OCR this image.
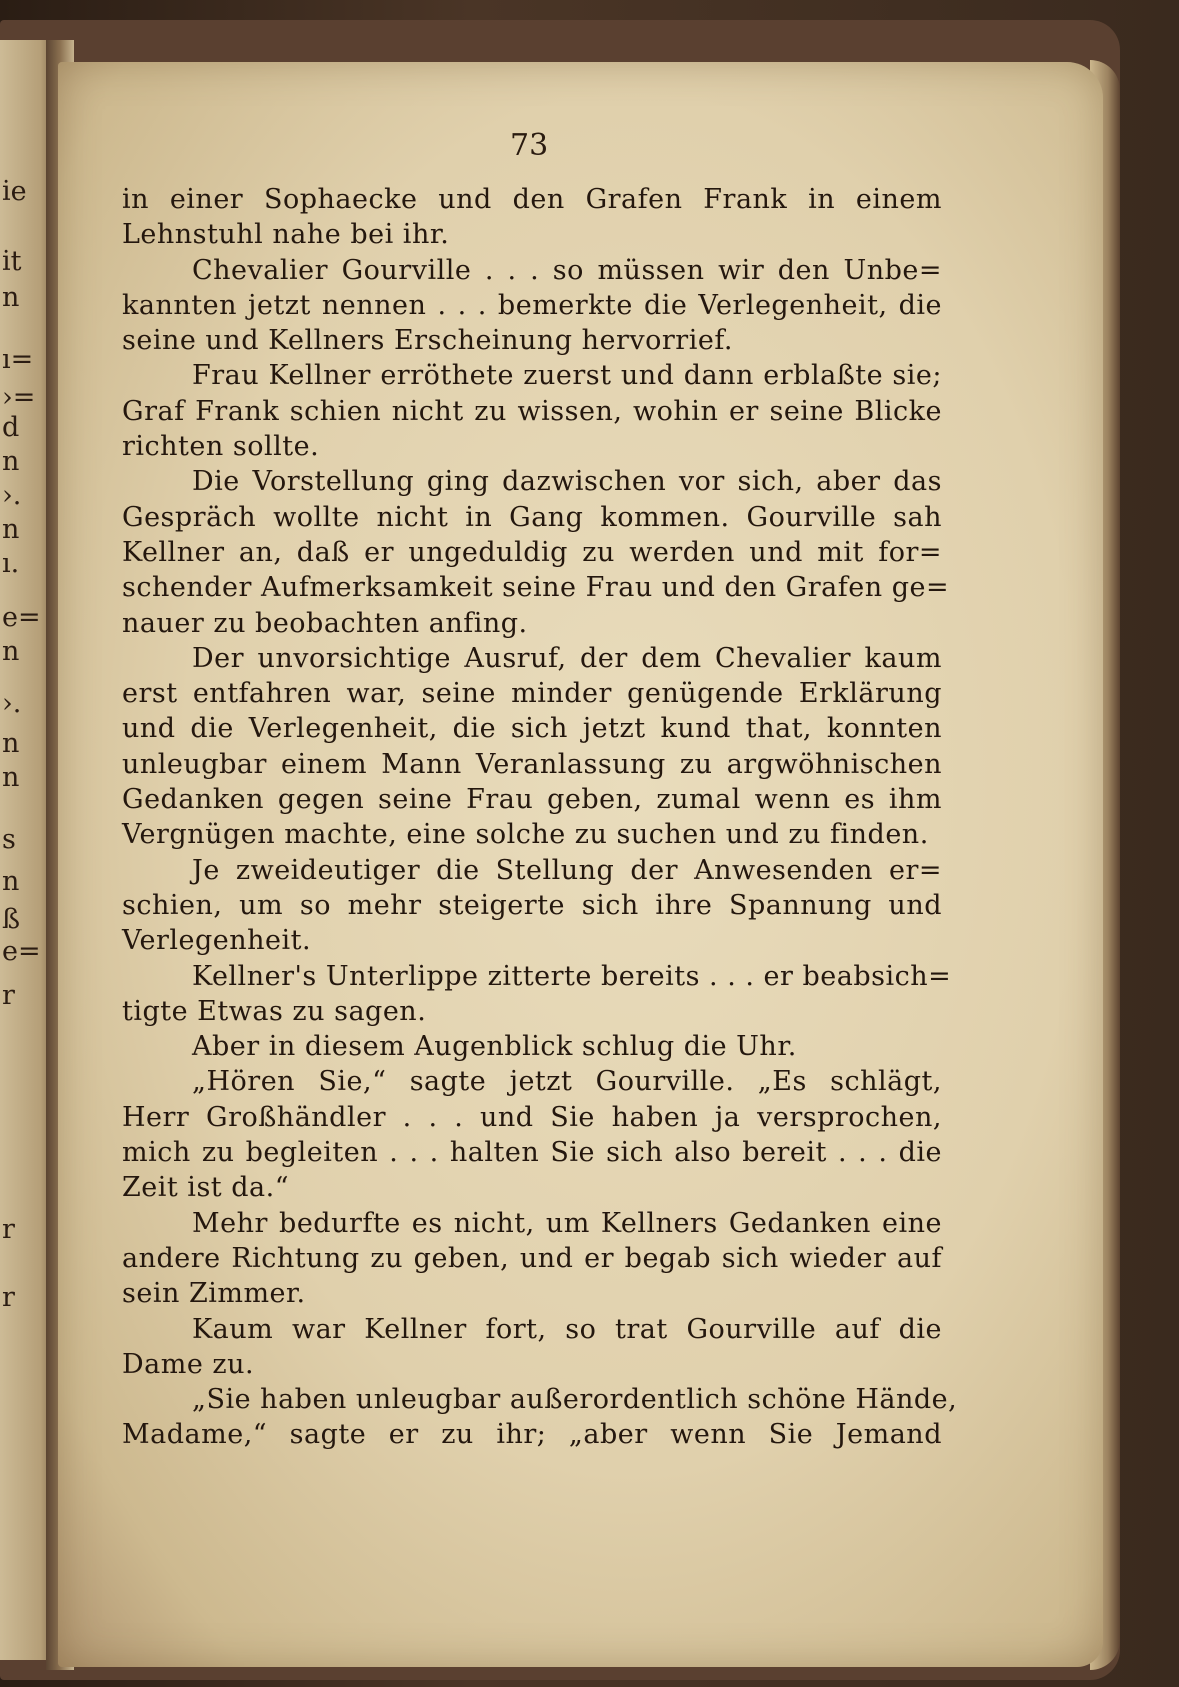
ie
it
n
ı=
›=
d
n
›.
n
ı.
e=
n
›.
n
n
s
n
ß
e=
r
r
r
73
in einer Sophaecke und den Grafen Frank in einem
Lehnstuhl nahe bei ihr.
Chevalier Gourville . . . so müssen wir den Unbe=
kannten jetzt nennen . . . bemerkte die Verlegenheit, die
seine und Kellners Erscheinung hervorrief.
Frau Kellner erröthete zuerst und dann erblaßte sie;
Graf Frank schien nicht zu wissen, wohin er seine Blicke
richten sollte.
Die Vorstellung ging dazwischen vor sich, aber das
Gespräch wollte nicht in Gang kommen. Gourville sah
Kellner an, daß er ungeduldig zu werden und mit for=
schender Aufmerksamkeit seine Frau und den Grafen ge=
nauer zu beobachten anfing.
Der unvorsichtige Ausruf, der dem Chevalier kaum
erst entfahren war, seine minder genügende Erklärung
und die Verlegenheit, die sich jetzt kund that, konnten
unleugbar einem Mann Veranlassung zu argwöhnischen
Gedanken gegen seine Frau geben, zumal wenn es ihm
Vergnügen machte, eine solche zu suchen und zu finden.
Je zweideutiger die Stellung der Anwesenden er=
schien, um so mehr steigerte sich ihre Spannung und
Verlegenheit.
Kellner's Unterlippe zitterte bereits . . . er beabsich=
tigte Etwas zu sagen.
Aber in diesem Augenblick schlug die Uhr.
„Hören Sie,“ sagte jetzt Gourville. „Es schlägt,
Herr Großhändler . . . und Sie haben ja versprochen,
mich zu begleiten . . . halten Sie sich also bereit . . . die
Zeit ist da.“
Mehr bedurfte es nicht, um Kellners Gedanken eine
andere Richtung zu geben, und er begab sich wieder auf
sein Zimmer.
Kaum war Kellner fort, so trat Gourville auf die
Dame zu.
„Sie haben unleugbar außerordentlich schöne Hände,
Madame,“ sagte er zu ihr; „aber wenn Sie Jemand
